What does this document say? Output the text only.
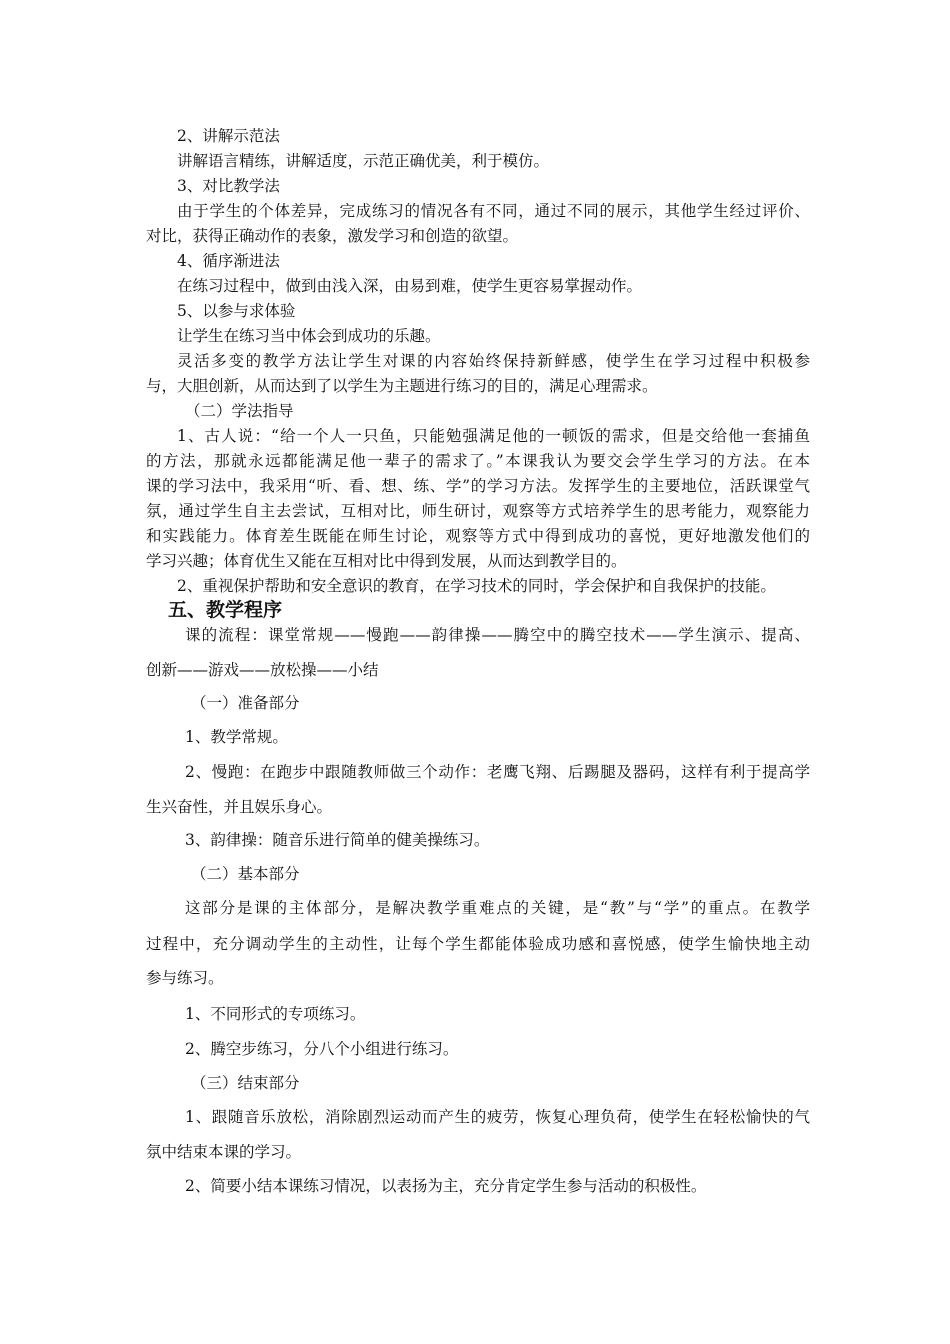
2、讲解示范法
讲解语言精练，讲解适度，示范正确优美，利于模仿。
3、对比教学法
由于学生的个体差异，完成练习的情况各有不同，通过不同的展示，其他学生经过评价、
对比，获得正确动作的表象，激发学习和创造的欲望。
4、循序渐进法
在练习过程中，做到由浅入深，由易到难，使学生更容易掌握动作。
5、以参与求体验
让学生在练习当中体会到成功的乐趣。
灵活多变的教学方法让学生对课的内容始终保持新鲜感，使学生在学习过程中积极参
与，大胆创新，从而达到了以学生为主题进行练习的目的，满足心理需求。
（二）学法指导
1、古人说：“给一个人一只鱼，只能勉强满足他的一顿饭的需求，但是交给他一套捕鱼
的方法，那就永远都能满足他一辈子的需求了。”本课我认为要交会学生学习的方法。在本
课的学习法中，我采用“听、看、想、练、学”的学习方法。发挥学生的主要地位，活跃课堂气
氛，通过学生自主去尝试，互相对比，师生研讨，观察等方式培养学生的思考能力，观察能力
和实践能力。体育差生既能在师生讨论，观察等方式中得到成功的喜悦，更好地激发他们的
学习兴趣；体育优生又能在互相对比中得到发展，从而达到教学目的。
2、重视保护帮助和安全意识的教育，在学习技术的同时，学会保护和自我保护的技能。
五、教学程序
课的流程：课堂常规——慢跑——韵律操——腾空中的腾空技术——学生演示、提高、
创新——游戏——放松操——小结
（一）准备部分
1、教学常规。
2、慢跑：在跑步中跟随教师做三个动作：老鹰飞翔、后踢腿及器码，这样有利于提高学
生兴奋性，并且娱乐身心。
3、韵律操：随音乐进行简单的健美操练习。
（二）基本部分
这部分是课的主体部分，是解决教学重难点的关键，是“教”与“学”的重点。在教学
过程中，充分调动学生的主动性，让每个学生都能体验成功感和喜悦感，使学生愉快地主动
参与练习。
1、不同形式的专项练习。
2、腾空步练习，分八个小组进行练习。
（三）结束部分
1、跟随音乐放松，消除剧烈运动而产生的疲劳，恢复心理负荷，使学生在轻松愉快的气
氛中结束本课的学习。
2、简要小结本课练习情况，以表扬为主，充分肯定学生参与活动的积极性。
